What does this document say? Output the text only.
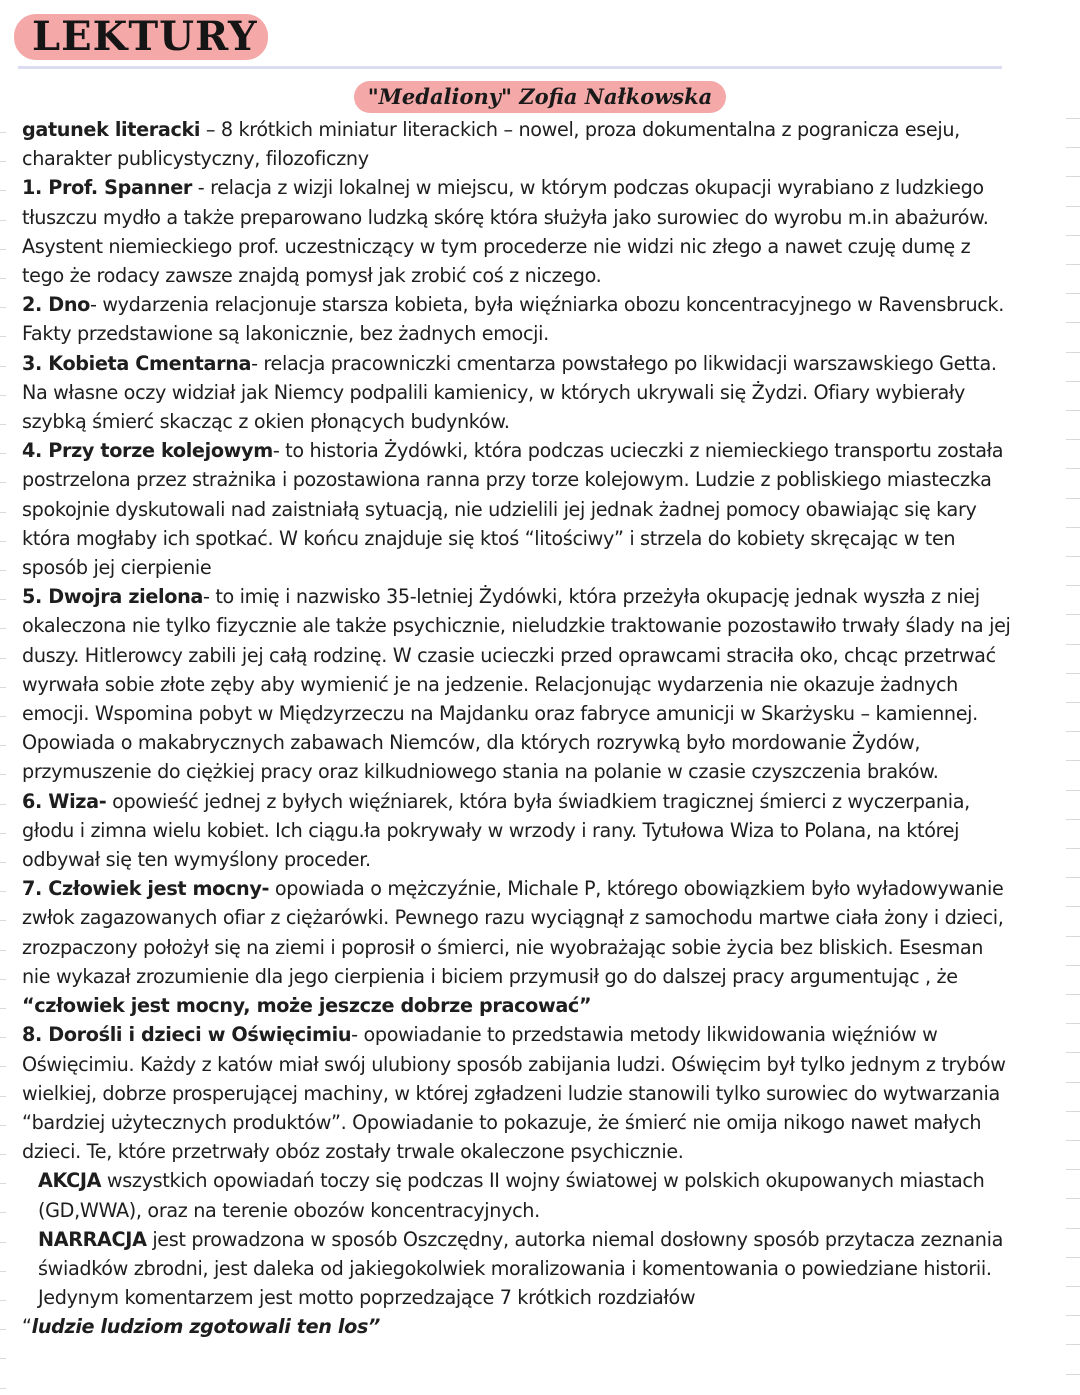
LEKTURY
"Medaliony" Zofia Nałkowska

gatunek literacki – 8 krótkich miniatur literackich – nowel, proza dokumentalna z pogranicza eseju, charakter publicystyczny, filozoficzny

1. Prof. Spanner - relacja z wizji lokalnej w miejscu, w którym podczas okupacji wyrabiano z ludzkiego tłuszczu mydło a także preparowano ludzką skórę która służyła jako surowiec do wyrobu m.in abażurów. Asystent niemieckiego prof. uczestniczący w tym procederze nie widzi nic złego a nawet czuję dumę z tego że rodacy zawsze znajdą pomysł jak zrobić coś z niczego.

2. Dno- wydarzenia relacjonuje starsza kobieta, była więźniarka obozu koncentracyjnego w Ravensbruck. Fakty przedstawione są lakonicznie, bez żadnych emocji.

3. Kobieta Cmentarna- relacja pracowniczki cmentarza powstałego po likwidacji warszawskiego Getta. Na własne oczy widział jak Niemcy podpalili kamienicy, w których ukrywali się Żydzi. Ofiary wybierały szybką śmierć skacząc z okien płonących budynków.

4. Przy torze kolejowym- to historia Żydówki, która podczas ucieczki z niemieckiego transportu została postrzelona przez strażnika i pozostawiona ranna przy torze kolejowym. Ludzie z pobliskiego miasteczka spokojnie dyskutowali nad zaistniałą sytuacją, nie udzielili jej jednak żadnej pomocy obawiając się kary która mogłaby ich spotkać. W końcu znajduje się ktoś “litościwy” i strzela do kobiety skręcając w ten sposób jej cierpienie

5. Dwojra zielona- to imię i nazwisko 35-letniej Żydówki, która przeżyła okupację jednak wyszła z niej okaleczona nie tylko fizycznie ale także psychicznie, nieludzkie traktowanie pozostawiło trwały ślady na jej duszy. Hitlerowcy zabili jej całą rodzinę. W czasie ucieczki przed oprawcami straciła oko, chcąc przetrwać wyrwała sobie złote zęby aby wymienić je na jedzenie. Relacjonując wydarzenia nie okazuje żadnych emocji. Wspomina pobyt w Międzyrzeczu na Majdanku oraz fabryce amunicji w Skarżysku – kamiennej. Opowiada o makabrycznych zabawach Niemców, dla których rozrywką było mordowanie Żydów, przymuszenie do ciężkiej pracy oraz kilkudniowego stania na polanie w czasie czyszczenia braków.

6. Wiza- opowieść jednej z byłych więźniarek, która była świadkiem tragicznej śmierci z wyczerpania, głodu i zimna wielu kobiet. Ich ciągu.ła pokrywały w wrzody i rany. Tytułowa Wiza to Polana, na której odbywał się ten wymyślony proceder.

7. Człowiek jest mocny- opowiada o mężczyźnie, Michale P, którego obowiązkiem było wyładowywanie zwłok zagazowanych ofiar z ciężarówki. Pewnego razu wyciągnął z samochodu martwe ciała żony i dzieci, zrozpaczony położył się na ziemi i poprosił o śmierci, nie wyobrażając sobie życia bez bliskich. Esesman nie wykazał zrozumienie dla jego cierpienia i biciem przymusił go do dalszej pracy argumentując , że “człowiek jest mocny, może jeszcze dobrze pracować”

8. Dorośli i dzieci w Oświęcimiu- opowiadanie to przedstawia metody likwidowania więźniów w Oświęcimiu. Każdy z katów miał swój ulubiony sposób zabijania ludzi. Oświęcim był tylko jednym z trybów wielkiej, dobrze prosperującej machiny, w której zgładzeni ludzie stanowili tylko surowiec do wytwarzania “bardziej użytecznych produktów”. Opowiadanie to pokazuje, że śmierć nie omija nikogo nawet małych dzieci. Te, które przetrwały obóz zostały trwale okaleczone psychicznie.

AKCJA wszystkich opowiadań toczy się podczas II wojny światowej w polskich okupowanych miastach (GD,WWA), oraz na terenie obozów koncentracyjnych.

NARRACJA jest prowadzona w sposób Oszczędny, autorka niemal dosłowny sposób przytacza zeznania świadków zbrodni, jest daleka od jakiegokolwiek moralizowania i komentowania o powiedziane historii. Jedynym komentarzem jest motto poprzedzające 7 krótkich rozdziałów

“ludzie ludziom zgotowali ten los”
